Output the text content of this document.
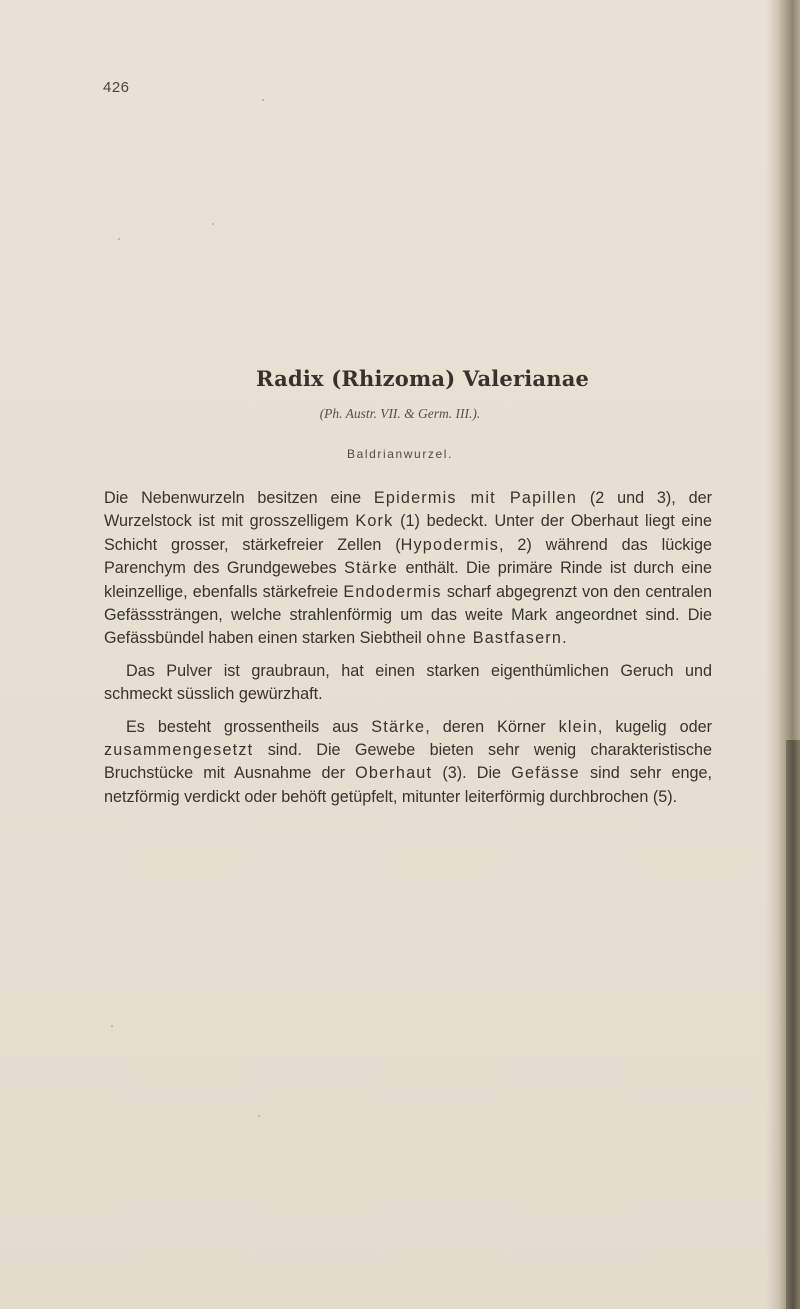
426
Radix (Rhizoma) Valerianae
(Ph. Austr. VII. & Germ. III.).
Baldrianwurzel.

Die Nebenwurzeln besitzen eine Epidermis mit Papillen (2 und 3), der Wurzelstock ist mit grosszelligem Kork (1) bedeckt. Unter der Oberhaut liegt eine Schicht grosser, stärkefreier Zellen (Hypodermis, 2) während das lückige Parenchym des Grundgewebes Stärke enthält. Die primäre Rinde ist durch eine kleinzellige, ebenfalls stärkefreie Endodermis scharf abgegrenzt von den centralen Gefässsträngen, welche strahlenförmig um das weite Mark angeordnet sind. Die Gefässbündel haben einen starken Siebtheil ohne Bastfasern.

Das Pulver ist graubraun, hat einen starken eigenthümlichen Geruch und schmeckt süsslich gewürzhaft.

Es besteht grossentheils aus Stärke, deren Körner klein, kugelig oder zusammengesetzt sind. Die Gewebe bieten sehr wenig charakteristische Bruchstücke mit Ausnahme der Oberhaut (3). Die Gefässe sind sehr enge, netzförmig verdickt oder behöft getüpfelt, mitunter leiterförmig durchbrochen (5).
